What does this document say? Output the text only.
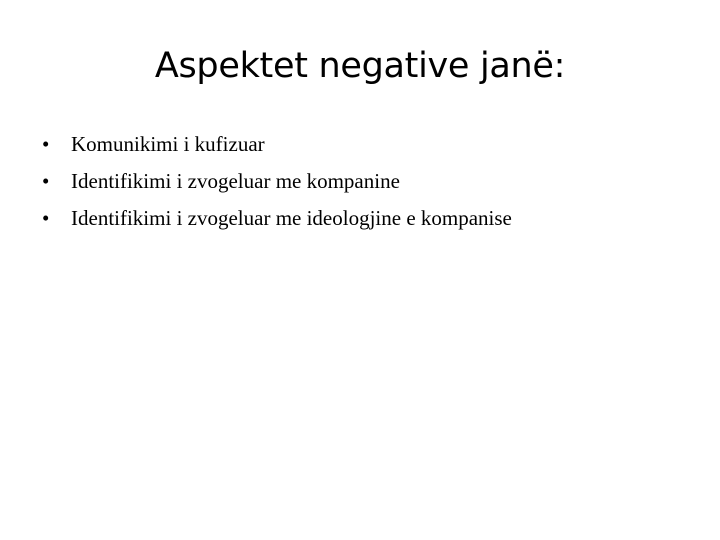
Aspektet negative janë:
•	Komunikimi i kufizuar
•	Identifikimi i zvogeluar me kompanine
•	Identifikimi i zvogeluar me ideologjine e kompanise
